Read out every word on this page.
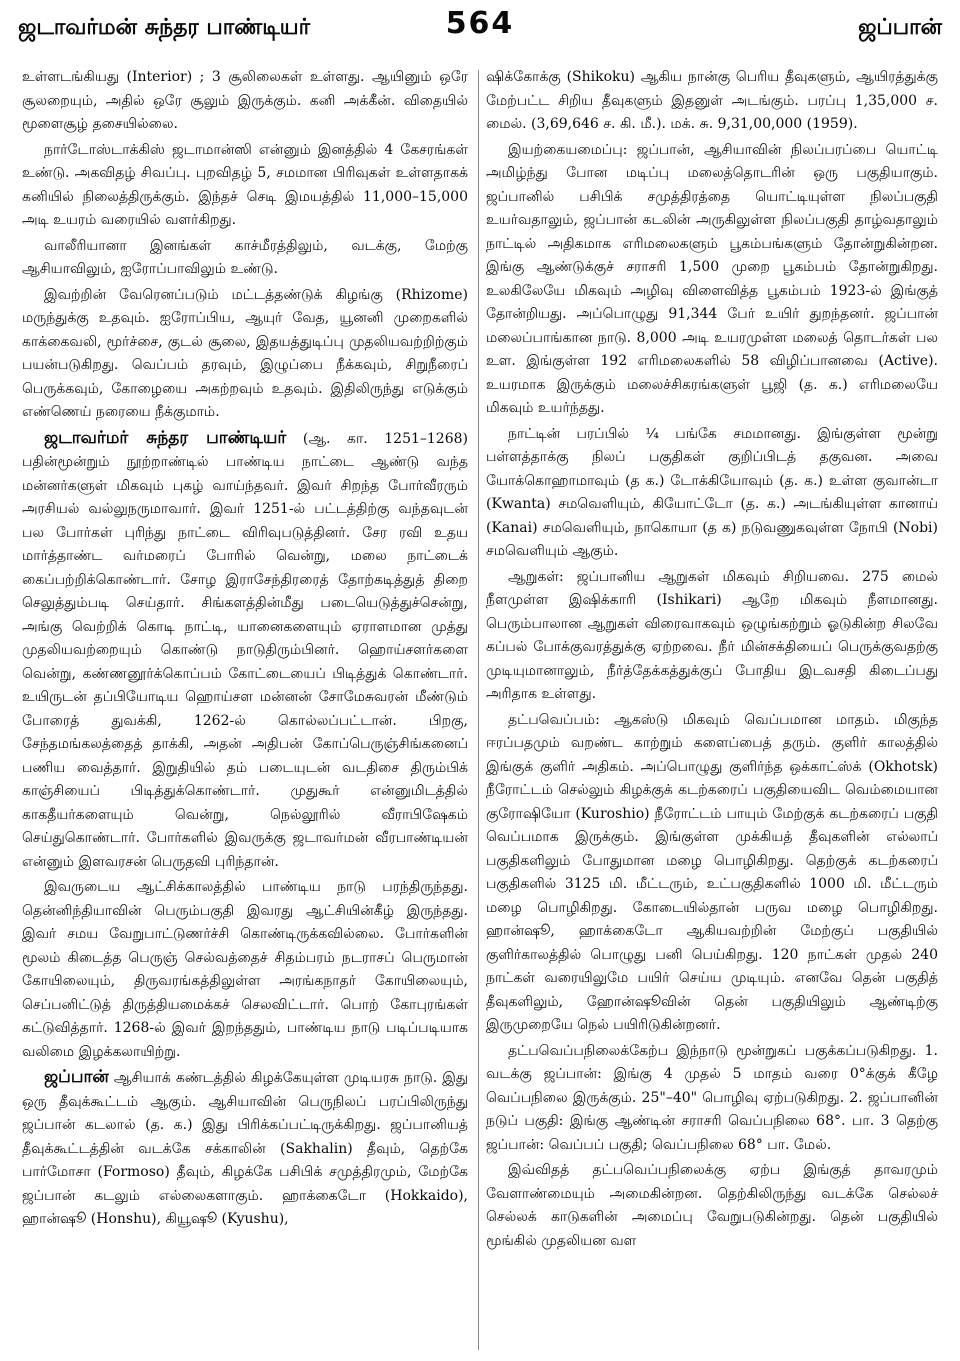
ஜடாவர்மன் சுந்தர பாண்டியர்	564	ஜப்பான்

உள்ளடங்கியது (Interior) ; 3 சூலிலைகள் உள்ளது. ஆயினும் ஒரே சூலறையும், அதில் ஒரே சூலும் இருக்கும். கனி அக்கீன். விதையில் மூளைசூழ் தசையில்லை.

நார்டோஸ்டாக்கிஸ் ஜடாமான்ஸி என்னும் இனத்தில் 4 கேசரங்கள் உண்டு. அகவிதழ் சிவப்பு. புறவிதழ் 5, சமமான பிரிவுகள் உள்ளதாகக் கனியில் நிலைத்திருக்கும். இந்தச் செடி இமயத்தில் 11,000–15,000 அடி உயரம் வரையில் வளர்கிறது.

வாலீரியானா இனங்கள் காச்மீரத்திலும், வடக்கு, மேற்கு ஆசியாவிலும், ஐரோப்பாவிலும் உண்டு.

இவற்றின் வேரெனப்படும் மட்டத்தண்டுக் கிழங்கு (Rhizome) மருந்துக்கு உதவும். ஐரோப்பிய, ஆயுர் வேத, யூனனி முறைகளில் காக்கைவலி, மூர்ச்சை, குடல் சூலை, இதயத்துடிப்பு முதலியவற்றிற்கும் பயன்படுகிறது. வெப்பம் தரவும், இழுப்பை நீக்கவும், சிறுநீரைப் பெருக்கவும், கோழையை அகற்றவும் உதவும். இதிலிருந்து எடுக்கும் எண்ணெய் நரையை நீக்குமாம்.

ஜடாவர்மர் சுந்தர பாண்டியர் (ஆ. கா. 1251–1268) பதின்மூன்றும் நூற்றாண்டில் பாண்டிய நாட்டை ஆண்டு வந்த மன்னர்களுள் மிகவும் புகழ் வாய்ந்தவர். இவர் சிறந்த போர்வீரரும் அரசியல் வல்லுநருமாவார். இவர் 1251-ல் பட்டத்திற்கு வந்தவுடன் பல போர்கள் புரிந்து நாட்டை விரிவுபடுத்தினர். சேர ரவி உதய மார்த்தாண்ட வர்மரைப் போரில் வென்று, மலை நாட்டைக் கைப்பற்றிக்கொண்டார். சோழ இராசேந்திரரைத் தோற்கடித்துத் திறை செலுத்தும்படி செய்தார். சிங்களத்தின்மீது படையெடுத்துச்சென்று, அங்கு வெற்றிக் கொடி நாட்டி, யானைகளையும் ஏராளமான முத்து முதலியவற்றையும் கொண்டு நாடுதிரும்பினர். ஹொய்சளர்களை வென்று, கண்ணனூர்க்கொப்பம் கோட்டையைப் பிடித்துக் கொண்டார். உயிருடன் தப்பியோடிய ஹொய்சள மன்னன் சோமேசுவரன் மீண்டும் போரைத் துவக்கி, 1262-ல் கொல்லப்பட்டான். பிறகு, சேந்தமங்கலத்தைத் தாக்கி, அதன் அதிபன் கோப்பெருஞ்சிங்கனைப் பணிய வைத்தார். இறுதியில் தம் படையுடன் வடதிசை திரும்பிக் காஞ்சியைப் பிடித்துக்கொண்டார். முதுகூர் என்னுமிடத்தில் காகதீயர்களையும் வென்று, நெல்லூரில் வீராபிஷேகம் செய்துகொண்டார். போர்களில் இவருக்கு ஜடாவர்மன் வீரபாண்டியன் என்னும் இளவரசன் பெருதவி புரிந்தான்.

இவருடைய ஆட்சிக்காலத்தில் பாண்டிய நாடு பரந்திருந்தது. தென்னிந்தியாவின் பெரும்பகுதி இவரது ஆட்சியின்கீழ் இருந்தது. இவர் சமய வேறுபாட்டுணர்ச்சி கொண்டிருக்கவில்லை. போர்களின் மூலம் கிடைத்த பெருஞ் செல்வத்தைச் சிதம்பரம் நடராசப் பெருமான் கோயிலையும், திருவரங்கத்திலுள்ள அரங்கநாதர் கோயிலையும், செப்பனிட்டுத் திருத்தியமைக்கச் செலவிட்டார். பொற் கோபுரங்கள் கட்டுவித்தார். 1268-ல் இவர் இறந்ததும், பாண்டிய நாடு படிப்படியாக வலிமை இழக்கலாயிற்று.

ஜப்பான் ஆசியாக் கண்டத்தில் கிழக்கேயுள்ள முடியரசு நாடு. இது ஒரு தீவுக்கூட்டம் ஆகும். ஆசியாவின் பெருநிலப் பரப்பிலிருந்து ஜப்பான் கடலால் (த. க.) இது பிரிக்கப்பட்டிருக்கிறது. ஜப்பானியத் தீவுக்கூட்டத்தின் வடக்கே சக்காலின் (Sakhalin) தீவும், தெற்கே பார்மோசா (Formoso) தீவும், கிழக்கே பசிபிக் சமுத்திரமும், மேற்கே ஜப்பான் கடலும் எல்லைகளாகும். ஹாக்கைடோ (Hokkaido), ஹான்ஷூ (Honshu), கியூஷூ (Kyushu),

ஷிக்கோக்கு (Shikoku) ஆகிய நான்கு பெரிய தீவுகளும், ஆயிரத்துக்கு மேற்பட்ட சிறிய தீவுகளும் இதனுள் அடங்கும். பரப்பு 1,35,000 ச. மைல். (3,69,646 ச. கி. மீ.). மக். சு. 9,31,00,000 (1959).

இயற்கையமைப்பு: ஜப்பான், ஆசியாவின் நிலப்பரப்பை யொட்டி அமிழ்ந்து போன மடிப்பு மலைத்தொடரின் ஒரு பகுதியாகும். ஜப்பானில் பசிபிக் சமுத்திரத்தை யொட்டியுள்ள நிலப்பகுதி உயர்வதாலும், ஜப்பான் கடலின் அருகிலுள்ள நிலப்பகுதி தாழ்வதாலும் நாட்டில் அதிகமாக எரிமலைகளும் பூகம்பங்களும் தோன்றுகின்றன. இங்கு ஆண்டுக்குச் சராசரி 1,500 முறை பூகம்பம் தோன்றுகிறது. உலகிலேயே மிகவும் அழிவு விளைவித்த பூகம்பம் 1923-ல் இங்குத் தோன்றியது. அப்பொழுது 91,344 பேர் உயிர் துறந்தனர். ஜப்பான் மலைப்பாங்கான நாடு. 8,000 அடி உயரமுள்ள மலைத் தொடர்கள் பல உள. இங்குள்ள 192 எரிமலைகளில் 58 விழிப்பானவை (Active). உயரமாக இருக்கும் மலைச்சிகரங்களுள் பூஜி (த. க.) எரிமலையே மிகவும் உயர்ந்தது.

நாட்டின் பரப்பில் ¼ பங்கே சமமானது. இங்குள்ள மூன்று பள்ளத்தாக்கு நிலப் பகுதிகள் குறிப்பிடத் தகுவன. அவை யோக்கொஹாமாவும் (த க.) டோக்கியோவும் (த. க.) உள்ள குவான்டா (Kwanta) சமவெளியும், கியோட்டோ (த. க.) அடங்கியுள்ள கானாய் (Kanai) சமவெளியும், நாகொயா (த க) நடுவணுகவுள்ள நோபி (Nobi) சமவெளியும் ஆகும்.

ஆறுகள்: ஜப்பானிய ஆறுகள் மிகவும் சிறியவை. 275 மைல் நீளமுள்ள இஷிக்காரி (Ishikari) ஆறே மிகவும் நீளமானது. பெரும்பாலான ஆறுகள் விரைவாகவும் ஒழுங்கற்றும் ஓடுகின்ற சிலவே கப்பல் போக்குவரத்துக்கு ஏற்றவை. நீர் மின்சக்தியைப் பெருக்குவதற்கு முடியுமானாலும், நீர்த்தேக்கத்துக்குப் போதிய இடவசதி கிடைப்பது அரிதாக உள்ளது.

தட்பவெப்பம்: ஆகஸ்டு மிகவும் வெப்பமான மாதம். மிகுந்த ஈரப்பதமும் வறண்ட காற்றும் களைப்பைத் தரும். குளிர் காலத்தில் இங்குக் குளிர் அதிகம். அப்பொழுது குளிர்ந்த ஒக்காட்ஸ்க் (Okhotsk) நீரோட்டம் செல்லும் கிழக்குக் கடற்கரைப் பகுதியைவிட வெம்மையான குரோஷியோ (Kuroshio) நீரோட்டம் பாயும் மேற்குக் கடற்கரைப் பகுதி வெப்பமாக இருக்கும். இங்குள்ள முக்கியத் தீவுகளின் எல்லாப் பகுதிகளிலும் போதுமான மழை பொழிகிறது. தெற்குக் கடற்கரைப் பகுதிகளில் 3125 மி. மீட்டரும், உட்பகுதிகளில் 1000 மி. மீட்டரும் மழை பொழிகிறது. கோடையில்தான் பருவ மழை பொழிகிறது. ஹான்ஷூ, ஹாக்கைடோ ஆகியவற்றின் மேற்குப் பகுதியில் குளிர்காலத்தில் பொழுது பனி பெய்கிறது. 120 நாட்கள் முதல் 240 நாட்கள் வரையிலுமே பயிர் செய்ய முடியும். எனவே தென் பகுதித் தீவுகளிலும், ஹோன்ஷூவின் தென் பகுதியிலும் ஆண்டிற்கு இருமுறையே நெல் பயிரிடுகின்றனர்.

தட்பவெப்பநிலைக்கேற்ப இந்நாடு மூன்றுகப் பகுக்கப்படுகிறது. 1. வடக்கு ஜப்பான்: இங்கு 4 முதல் 5 மாதம் வரை 0°க்குக் கீழே வெப்பநிலை இருக்கும். 25"–40" பொழிவு ஏற்படுகிறது. 2. ஜப்பானின் நடுப் பகுதி: இங்கு ஆண்டின் சராசரி வெப்பநிலை 68°. பா. 3 தெற்கு ஜப்பான்: வெப்பப் பகுதி; வெப்பநிலை 68° பா. மேல்.

இவ்விதத் தட்பவெப்பநிலைக்கு ஏற்ப இங்குத் தாவரமும் வேளாண்மையும் அமைகின்றன. தெற்கிலிருந்து வடக்கே செல்லச் செல்லக் காடுகளின் அமைப்பு வேறுபடுகின்றது. தென் பகுதியில் மூங்கில் முதலியன வள
